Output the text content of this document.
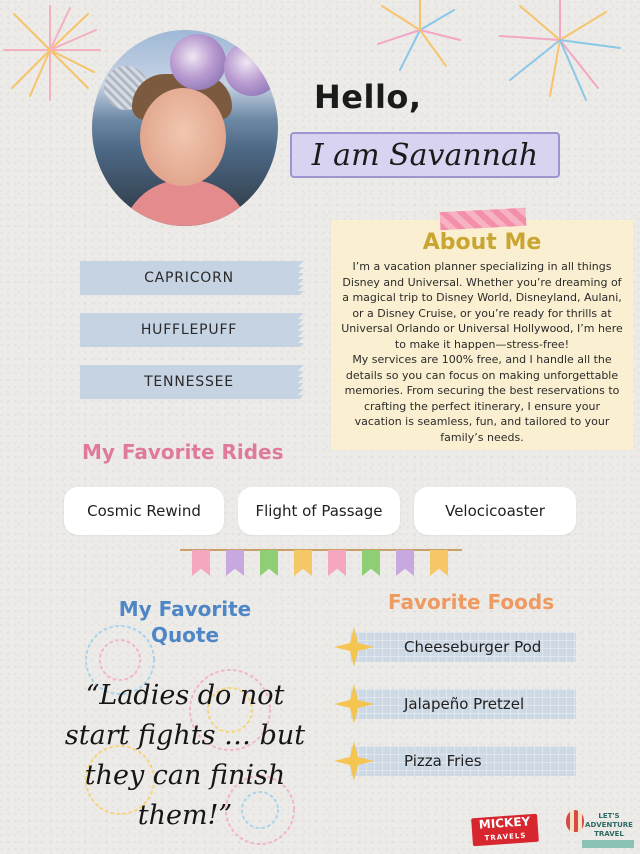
Hello,
I am Savannah
CAPRICORN
HUFFLEPUFF
TENNESSEE
About Me

I’m a vacation planner specializing in all things Disney and Universal. Whether you’re dreaming of a magical trip to Disney World, Disneyland, Aulani, or a Disney Cruise, or you’re ready for thrills at Universal Orlando or Universal Hollywood, I’m here to make it happen—stress-free!

My services are 100% free, and I handle all the details so you can focus on making unforgettable memories. From securing the best reservations to crafting the perfect itinerary, I ensure your vacation is seamless, fun, and tailored to your family’s needs.

My Favorite Rides
Cosmic Rewind	Flight of Passage	Velocicoaster
My Favorite Quote
“Ladies do not start fights … but they can finish them!”
Favorite Foods
Cheeseburger Pod
Jalapeño Pretzel
Pizza Fries
MICKEY
TRAVELS
LET'S
ADVENTURE
TRAVEL
